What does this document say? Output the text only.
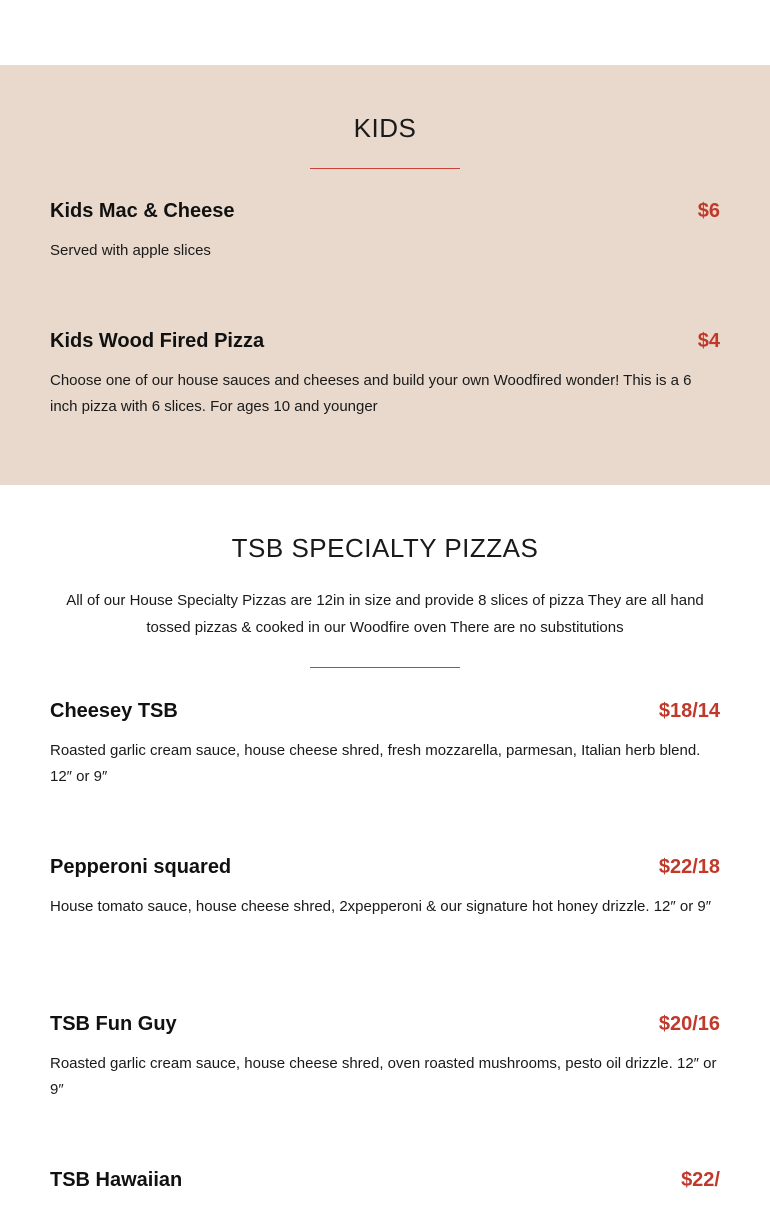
KIDS
Kids Mac & Cheese	$6

Served with apple slices

Kids Wood Fired Pizza	$4

Choose one of our house sauces and cheeses and build your own Woodfired wonder! This is a 6 inch pizza with 6 slices. For ages 10 and younger

TSB SPECIALTY PIZZAS

All of our House Specialty Pizzas are 12in in size and provide 8 slices of pizza They are all hand tossed pizzas & cooked in our Woodfire oven There are no substitutions

Cheesey TSB	$18/14

Roasted garlic cream sauce, house cheese shred, fresh mozzarella, parmesan, Italian herb blend. 12″ or 9″

Pepperoni squared	$22/18

House tomato sauce, house cheese shred, 2xpepperoni & our signature hot honey drizzle. 12″ or 9″

TSB Fun Guy	$20/16

Roasted garlic cream sauce, house cheese shred, oven roasted mushrooms, pesto oil drizzle. 12″ or 9″

TSB Hawaiian	$22/
